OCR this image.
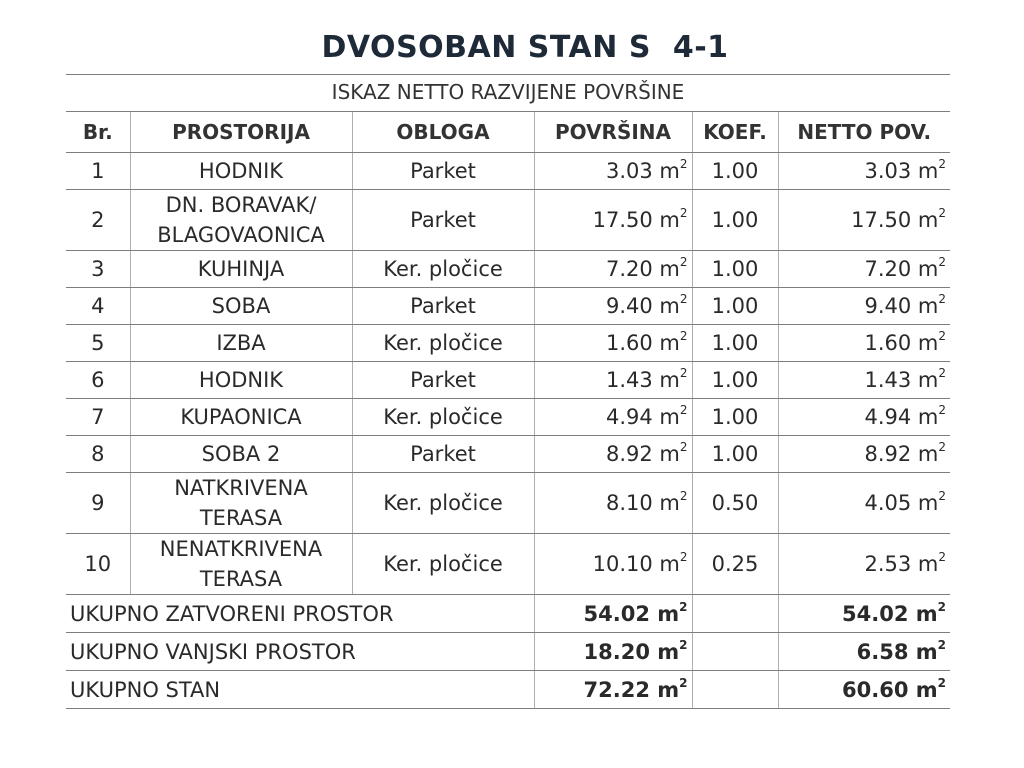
DVOSOBAN STAN S  4-1
ISKAZ NETTO RAZVIJENE POVRŠINE
Br.	PROSTORIJA	OBLOGA	POVRŠINA	KOEF.	NETTO POV.
1	HODNIK	Parket	3.03 $m^2$	1.00	3.03 $m^2$
2	DN. BORAVAK/
BLAGOVAONICA	Parket	17.50 $m^2$	1.00	17.50 $m^2$
3	KUHINJA	Ker. pločice	7.20 $m^2$	1.00	7.20 $m^2$
4	SOBA	Parket	9.40 $m^2$	1.00	9.40 $m^2$
5	IZBA	Ker. pločice	1.60 $m^2$	1.00	1.60 $m^2$
6	HODNIK	Parket	1.43 $m^2$	1.00	1.43 $m^2$
7	KUPAONICA	Ker. pločice	4.94 $m^2$	1.00	4.94 $m^2$
8	SOBA 2	Parket	8.92 $m^2$	1.00	8.92 $m^2$
9	NATKRIVENA
TERASA	Ker. pločice	8.10 $m^2$	0.50	4.05 $m^2$
10	NENATKRIVENA
TERASA	Ker. pločice	10.10 $m^2$	0.25	2.53 $m^2$
UKUPNO ZATVORENI PROSTOR			54.02 $m^2$		54.02 $m^2$
UKUPNO VANJSKI PROSTOR			18.20 $m^2$		6.58 $m^2$
UKUPNO STAN			72.22 $m^2$		60.60 $m^2$
